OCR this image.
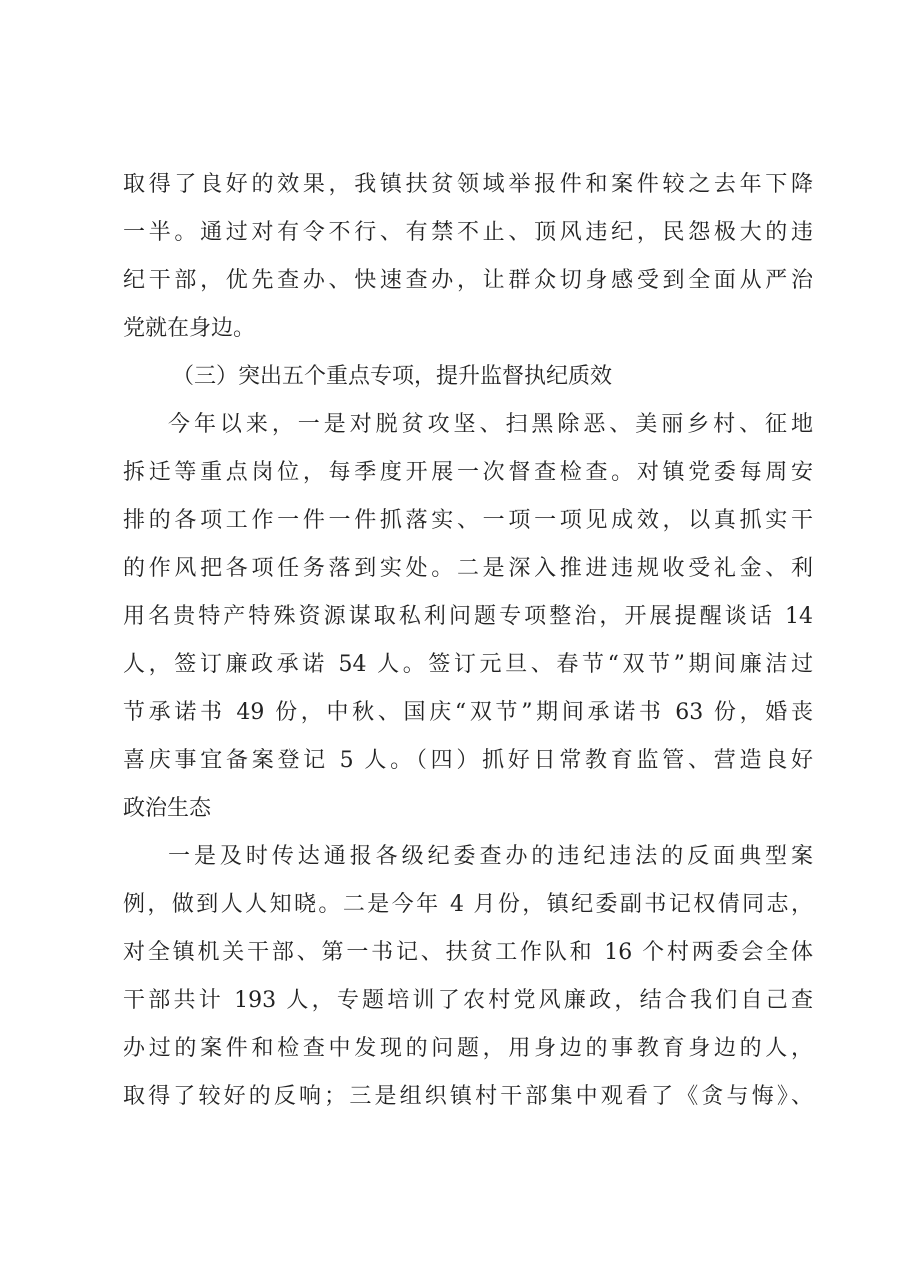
取得了良好的效果，我镇扶贫领域举报件和案件较之去年下降
一半。通过对有令不行、有禁不止、顶风违纪，民怨极大的违
纪干部，优先查办、快速查办，让群众切身感受到全面从严治
党就在身边。
（三）突出五个重点专项，提升监督执纪质效
今年以来，一是对脱贫攻坚、扫黑除恶、美丽乡村、征地
拆迁等重点岗位，每季度开展一次督查检查。对镇党委每周安
排的各项工作一件一件抓落实、一项一项见成效，以真抓实干
的作风把各项任务落到实处。二是深入推进违规收受礼金、利
用名贵特产特殊资源谋取私利问题专项整治，开展提醒谈话 14
人，签订廉政承诺 54 人。签订元旦、春节“双节”期间廉洁过
节承诺书 49 份，中秋、国庆“双节”期间承诺书 63 份，婚丧
喜庆事宜备案登记 5 人。（四）抓好日常教育监管、营造良好
政治生态
一是及时传达通报各级纪委查办的违纪违法的反面典型案
例，做到人人知晓。二是今年 4 月份，镇纪委副书记权倩同志，
对全镇机关干部、第一书记、扶贫工作队和 16 个村两委会全体
干部共计 193 人，专题培训了农村党风廉政，结合我们自己查
办过的案件和检查中发现的问题，用身边的事教育身边的人，
取得了较好的反响；三是组织镇村干部集中观看了《贪与悔》、
